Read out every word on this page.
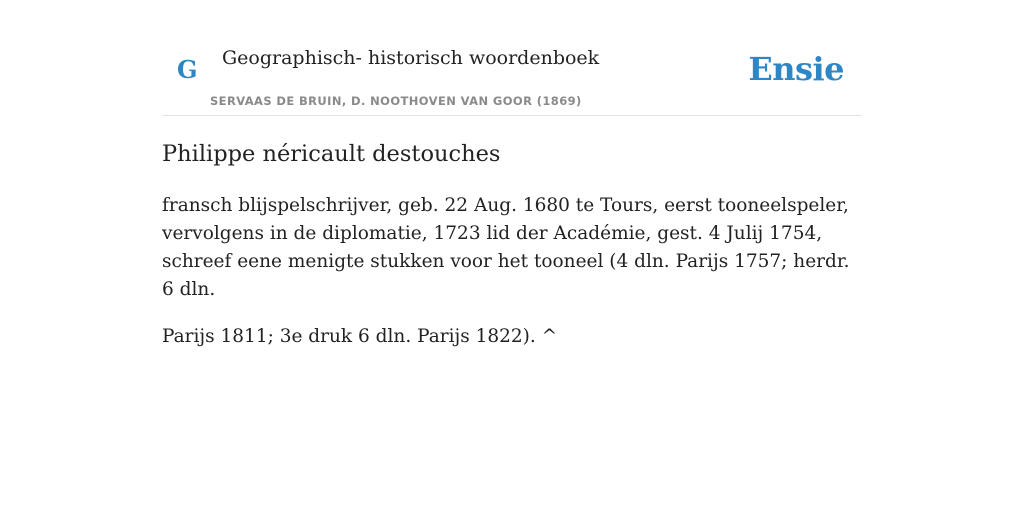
G Geographisch- historisch woordenboek
SERVAAS DE BRUIN, D. NOOTHOVEN VAN GOOR (1869)
Ensie
Philippe néricault destouches

fransch blijspelschrijver, geb. 22 Aug. 1680 te Tours, eerst tooneelspeler, vervolgens in de diplomatie, 1723 lid der Académie, gest. 4 Julij 1754, schreef eene menigte stukken voor het tooneel (4 dln. Parijs 1757; herdr. 6 dln.

Parijs 1811; 3e druk 6 dln. Parijs 1822). ^
